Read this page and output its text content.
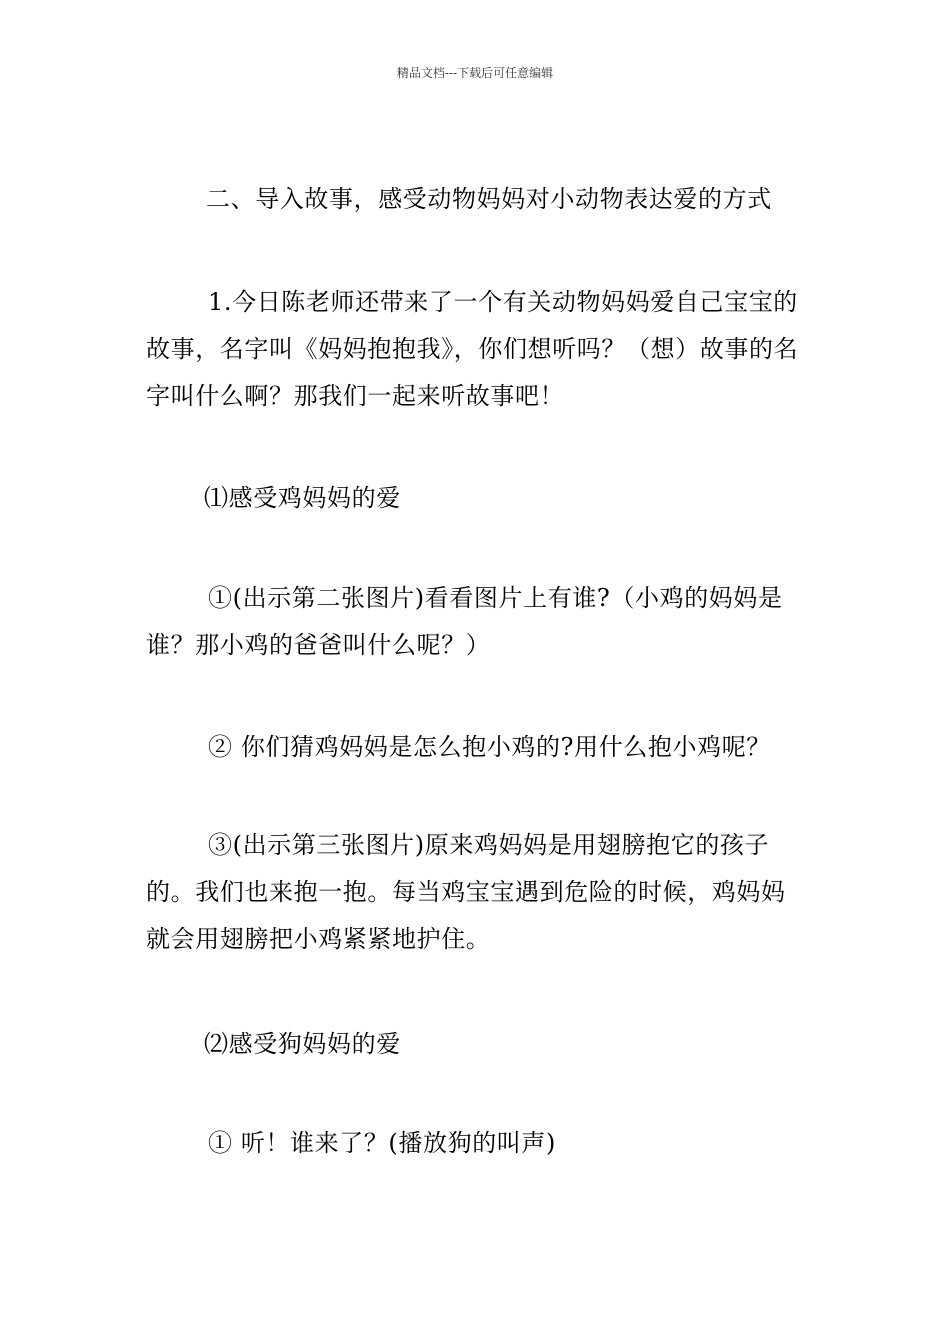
精品文档---下载后可任意编辑

二、导入故事，感受动物妈妈对小动物表达爱的方式

1.今日陈老师还带来了一个有关动物妈妈爱自己宝宝的故事，名字叫《妈妈抱抱我》，你们想听吗？（想）故事的名字叫什么啊？那我们一起来听故事吧！

⑴感受鸡妈妈的爱

①(出示第二张图片)看看图片上有谁?（小鸡的妈妈是谁？那小鸡的爸爸叫什么呢？）

② 你们猜鸡妈妈是怎么抱小鸡的?用什么抱小鸡呢？

③(出示第三张图片)原来鸡妈妈是用翅膀抱它的孩子的。我们也来抱一抱。每当鸡宝宝遇到危险的时候，鸡妈妈就会用翅膀把小鸡紧紧地护住。

⑵感受狗妈妈的爱

① 听！谁来了？(播放狗的叫声)
